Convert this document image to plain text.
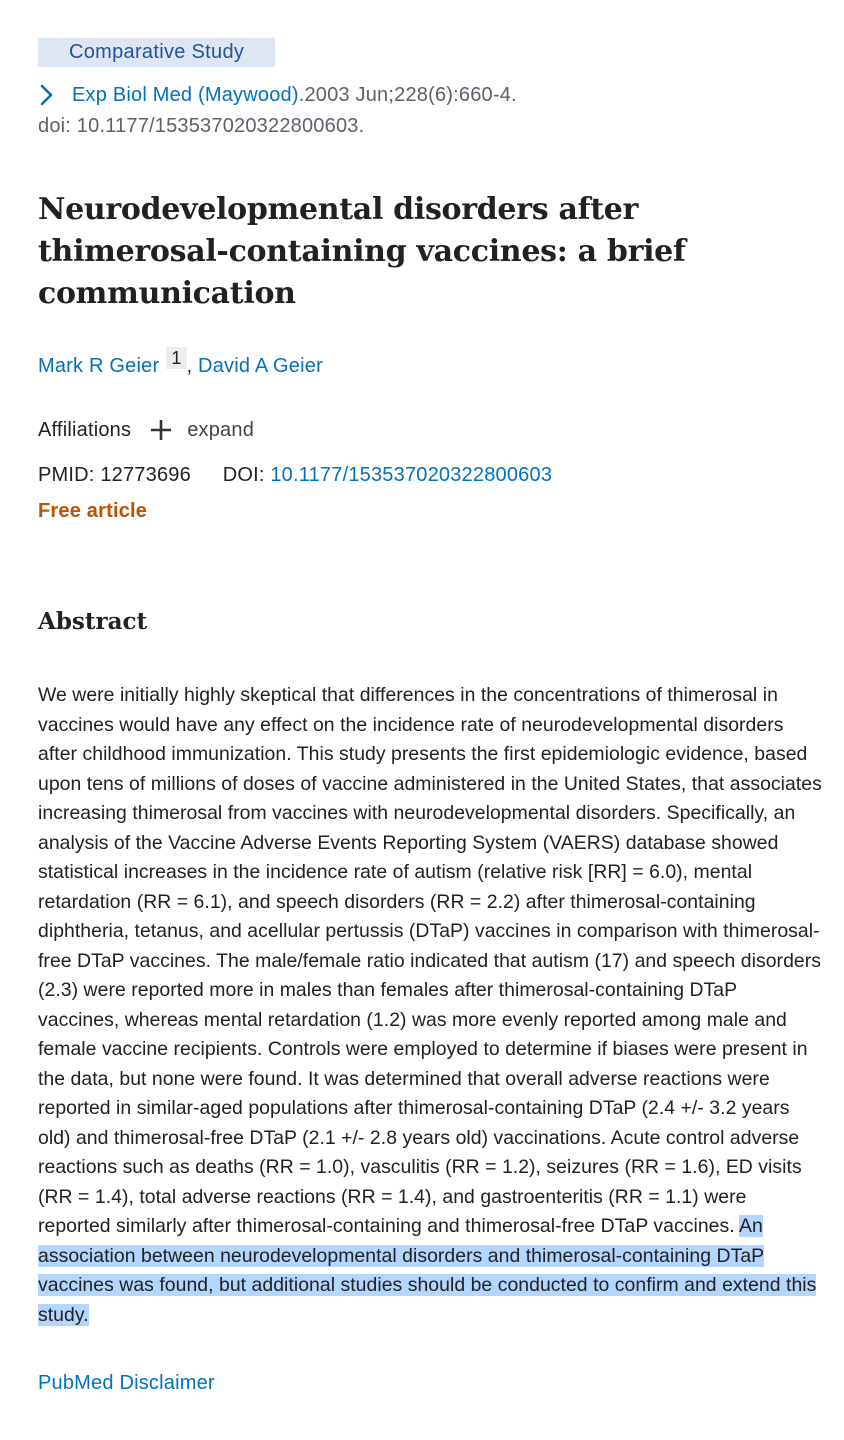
Comparative Study
Exp Biol Med (Maywood). 2003 Jun;228(6):660-4.
doi: 10.1177/153537020322800603.
Neurodevelopmental disorders after thimerosal-containing vaccines: a brief communication
Mark R Geier 1 , David A Geier
Affiliations	expand
PMID: 12773696 DOI: 10.1177/153537020322800603
Free article
Abstract
We were initially highly skeptical that differences in the concentrations of thimerosal in vaccines would have any effect on the incidence rate of neurodevelopmental disorders after childhood immunization. This study presents the first epidemiologic evidence, based upon tens of millions of doses of vaccine administered in the United States, that associates increasing thimerosal from vaccines with neurodevelopmental disorders. Specifically, an analysis of the Vaccine Adverse Events Reporting System (VAERS) database showed statistical increases in the incidence rate of autism (relative risk [RR] = 6.0), mental retardation (RR = 6.1), and speech disorders (RR = 2.2) after thimerosal-containing diphtheria, tetanus, and acellular pertussis (DTaP) vaccines in comparison with thimerosal-free DTaP vaccines. The male/female ratio indicated that autism (17) and speech disorders (2.3) were reported more in males than females after thimerosal-containing DTaP vaccines, whereas mental retardation (1.2) was more evenly reported among male and female vaccine recipients. Controls were employed to determine if biases were present in the data, but none were found. It was determined that overall adverse reactions were reported in similar-aged populations after thimerosal-containing DTaP (2.4 +/- 3.2 years old) and thimerosal-free DTaP (2.1 +/- 2.8 years old) vaccinations. Acute control adverse reactions such as deaths (RR = 1.0), vasculitis (RR = 1.2), seizures (RR = 1.6), ED visits (RR = 1.4), total adverse reactions (RR = 1.4), and gastroenteritis (RR = 1.1) were reported similarly after thimerosal-containing and thimerosal-free DTaP vaccines. An association between neurodevelopmental disorders and thimerosal-containing DTaP vaccines was found, but additional studies should be conducted to confirm and extend this study.
PubMed Disclaimer
